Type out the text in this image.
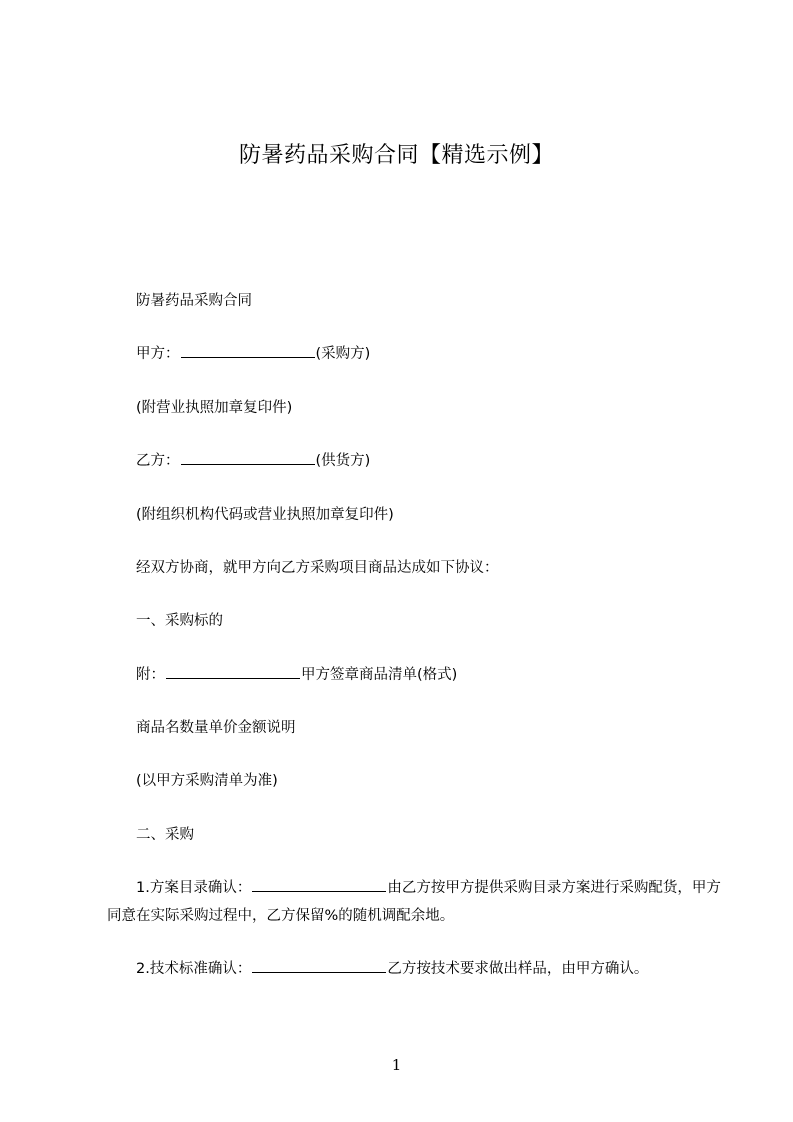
防暑药品采购合同【精选示例】
防暑药品采购合同
甲方：	(采购方)
(附营业执照加章复印件)
乙方：	(供货方)
(附组织机构代码或营业执照加章复印件)
经双方协商，就甲方向乙方采购项目商品达成如下协议：
一、采购标的
附：	甲方签章商品清单(格式)
商品名数量单价金额说明
(以甲方采购清单为准)
二、采购
1.方案目录确认：	由乙方按甲方提供采购目录方案进行采购配货，甲方同意在实际采购过程中，乙方保留%的随机调配余地。
2.技术标准确认：	乙方按技术要求做出样品，由甲方确认。
1
